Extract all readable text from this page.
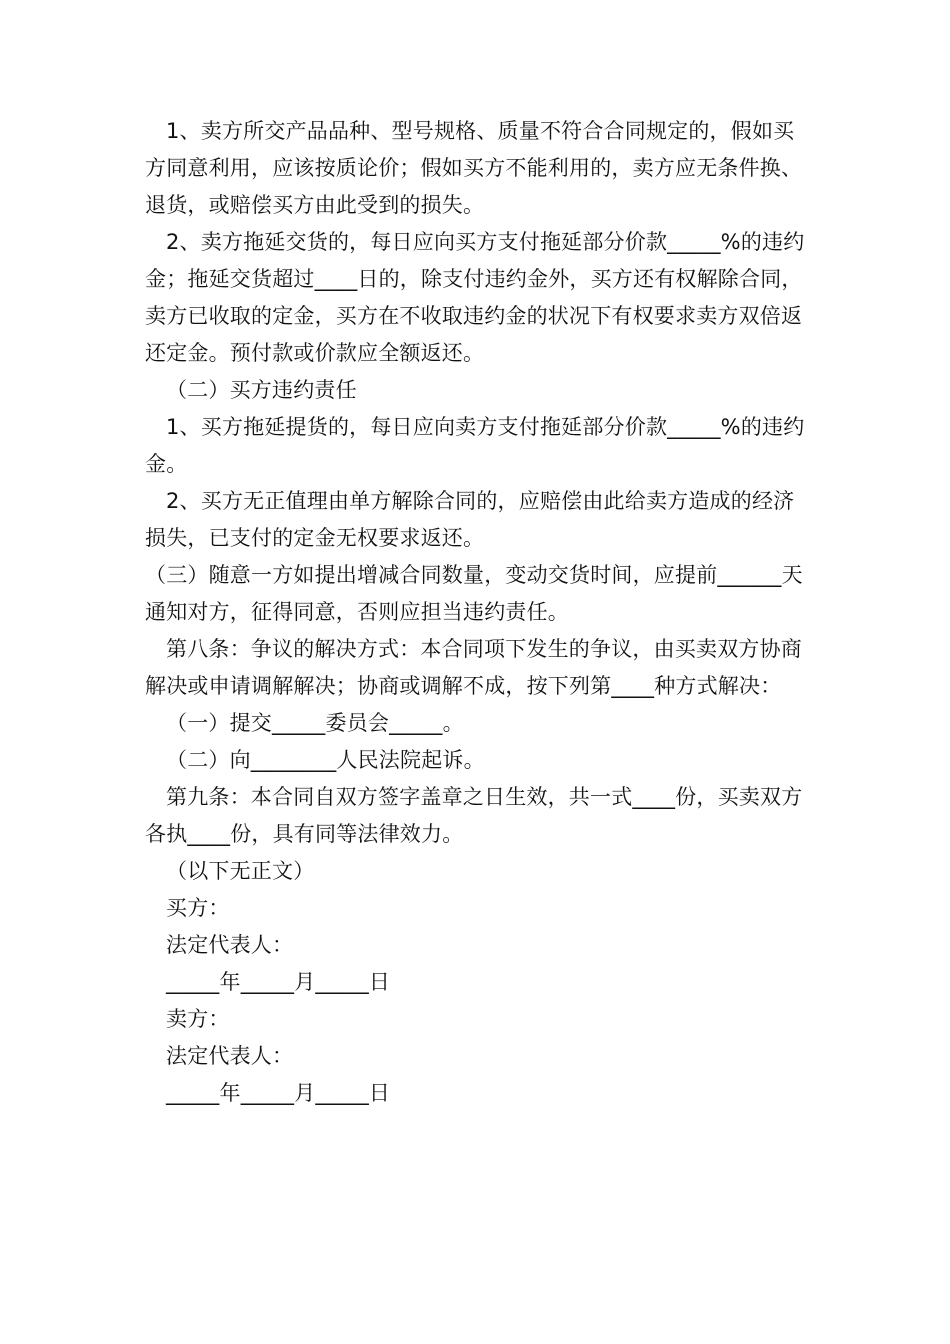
1、卖方所交产品品种、型号规格、质量不符合合同规定的，假如买方同意利用，应该按质论价；假如买方不能利用的，卖方应无条件换、退货，或赔偿买方由此受到的损失。

2、卖方拖延交货的，每日应向买方支付拖延部分价款_____%的违约金；拖延交货超过____日的，除支付违约金外，买方还有权解除合同，卖方已收取的定金，买方在不收取违约金的状况下有权要求卖方双倍返还定金。预付款或价款应全额返还。

（二）买方违约责任

1、买方拖延提货的，每日应向卖方支付拖延部分价款_____%的违约金。

2、买方无正值理由单方解除合同的，应赔偿由此给卖方造成的经济损失，已支付的定金无权要求返还。

（三）随意一方如提出增减合同数量，变动交货时间，应提前______天通知对方，征得同意，否则应担当违约责任。

第八条：争议的解决方式：本合同项下发生的争议，由买卖双方协商解决或申请调解解决；协商或调解不成，按下列第____种方式解决：

（一）提交_____委员会_____。

（二）向________人民法院起诉。

第九条：本合同自双方签字盖章之日生效，共一式____份，买卖双方各执____份，具有同等法律效力。

（以下无正文）

买方：

法定代表人：

_____年_____月_____日

卖方：

法定代表人：

_____年_____月_____日
